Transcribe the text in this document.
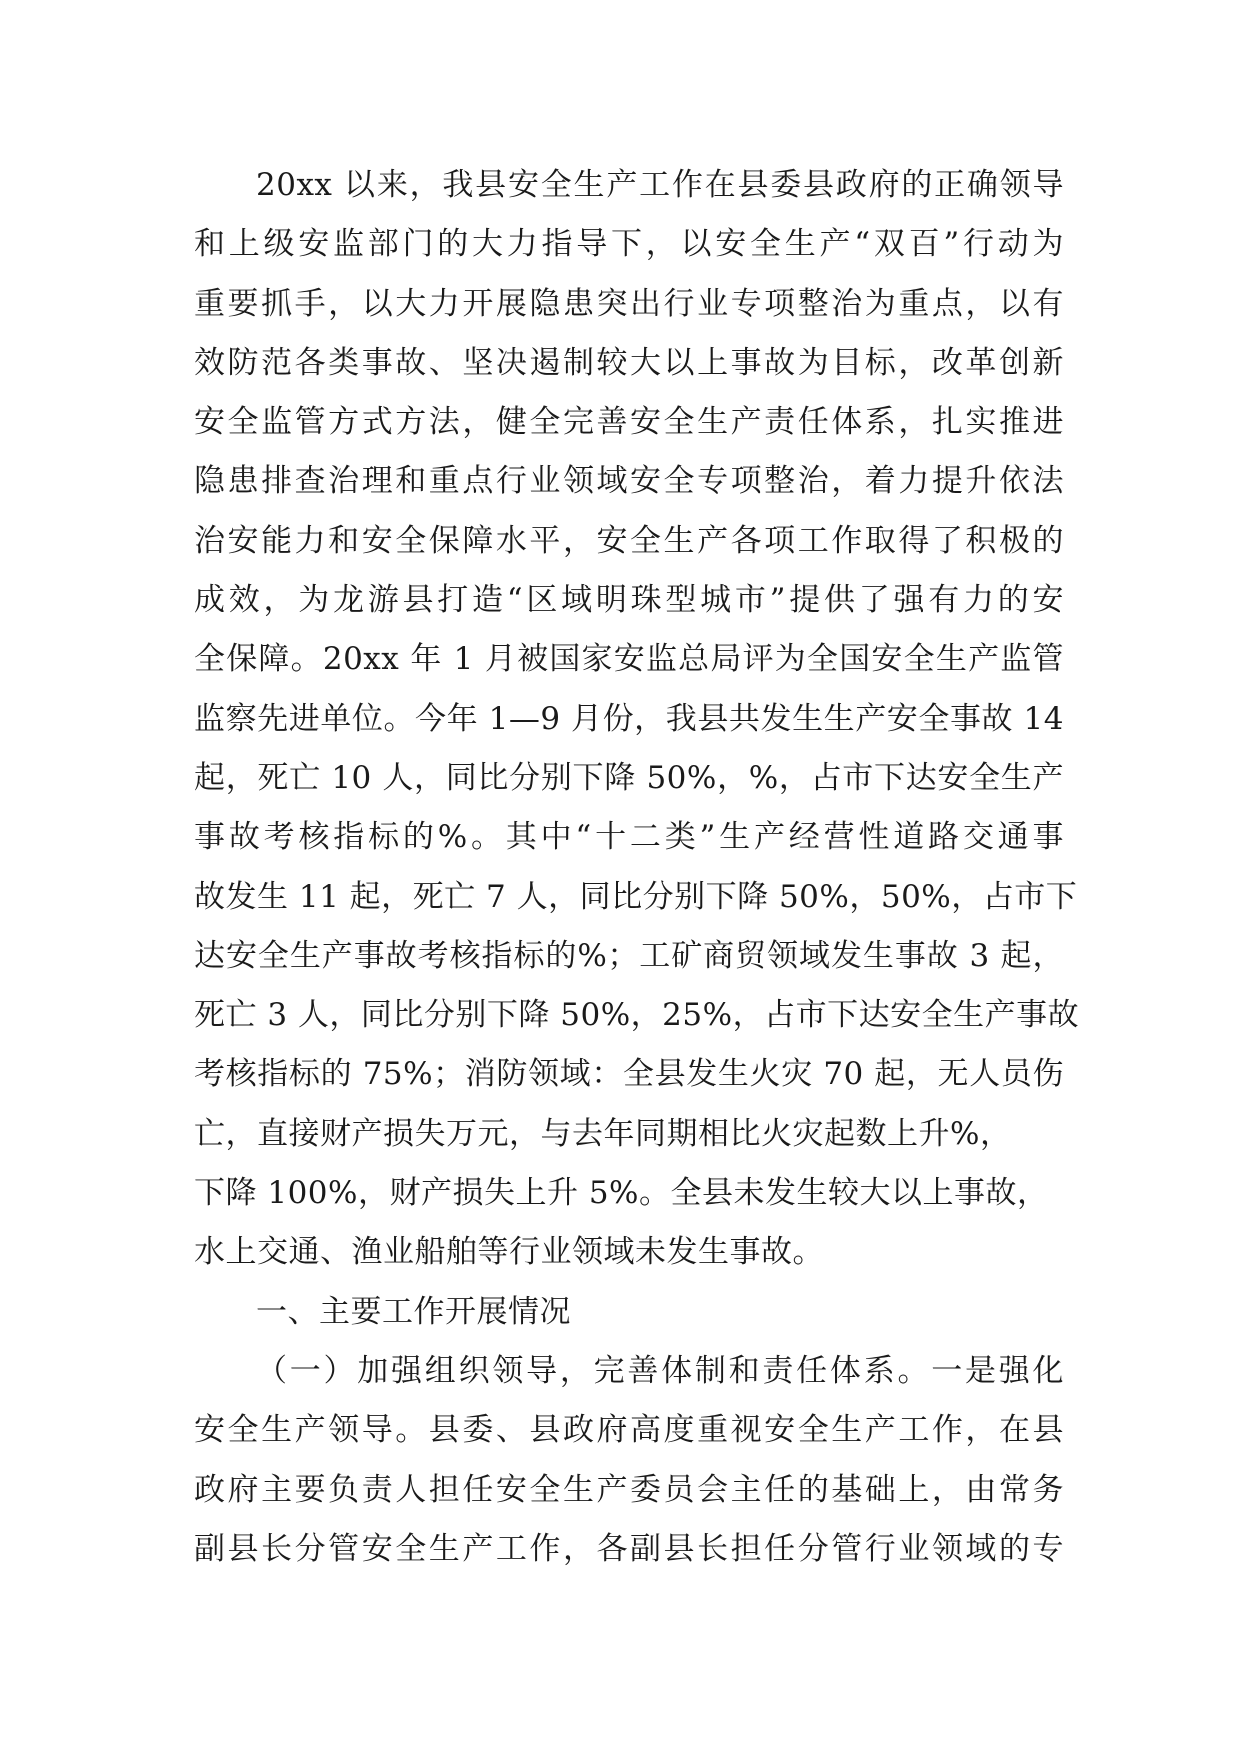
20xx 以来，我县安全生产工作在县委县政府的正确领导
和上级安监部门的大力指导下，以安全生产“双百”行动为
重要抓手，以大力开展隐患突出行业专项整治为重点，以有
效防范各类事故、坚决遏制较大以上事故为目标，改革创新
安全监管方式方法，健全完善安全生产责任体系，扎实推进
隐患排查治理和重点行业领域安全专项整治，着力提升依法
治安能力和安全保障水平，安全生产各项工作取得了积极的
成效，为龙游县打造“区域明珠型城市”提供了强有力的安
全保障。20xx 年 1 月被国家安监总局评为全国安全生产监管
监察先进单位。今年 1—9 月份，我县共发生生产安全事故 14
起，死亡 10 人，同比分别下降 50%，%，占市下达安全生产
事故考核指标的%。其中“十二类”生产经营性道路交通事
故发生 11 起，死亡 7 人，同比分别下降 50%，50%，占市下
达安全生产事故考核指标的%；工矿商贸领域发生事故 3 起，
死亡 3 人，同比分别下降 50%，25%，占市下达安全生产事故
考核指标的 75%；消防领域：全县发生火灾 70 起，无人员伤
亡，直接财产损失万元，与去年同期相比火灾起数上升%，
下降 100%，财产损失上升 5%。全县未发生较大以上事故，
水上交通、渔业船舶等行业领域未发生事故。
一、主要工作开展情况
（一）加强组织领导，完善体制和责任体系。一是强化
安全生产领导。县委、县政府高度重视安全生产工作，在县
政府主要负责人担任安全生产委员会主任的基础上，由常务
副县长分管安全生产工作，各副县长担任分管行业领域的专
